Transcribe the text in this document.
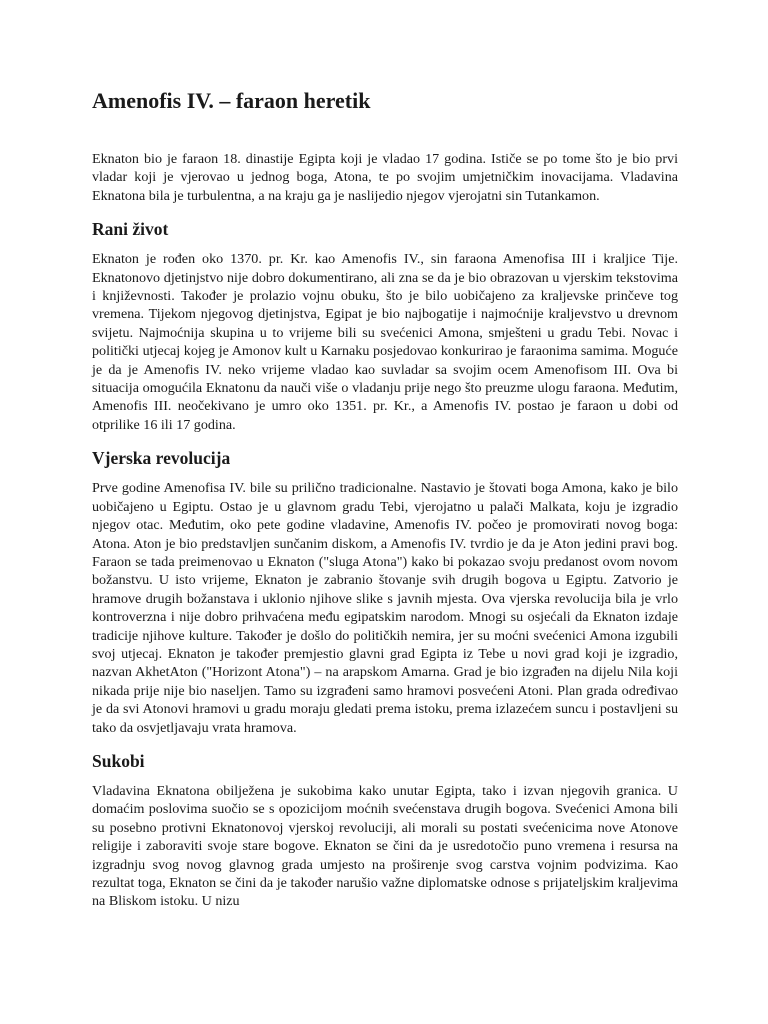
Amenofis IV. – faraon heretik

Eknaton bio je faraon 18. dinastije Egipta koji je vladao 17 godina. Ističe se po tome što je bio prvi vladar koji je vjerovao u jednog boga, Atona, te po svojim umjetničkim inovacijama. Vladavina Eknatona bila je turbulentna, a na kraju ga je naslijedio njegov vjerojatni sin Tutankamon.

Rani život

Eknaton je rođen oko 1370. pr. Kr. kao Amenofis IV., sin faraona Amenofisa III i kraljice Tije. Eknatonovo djetinjstvo nije dobro dokumentirano, ali zna se da je bio obrazovan u vjerskim tekstovima i književnosti. Također je prolazio vojnu obuku, što je bilo uobičajeno za kraljevske prinčeve tog vremena. Tijekom njegovog djetinjstva, Egipat je bio najbogatije i najmoćnije kraljevstvo u drevnom svijetu. Najmoćnija skupina u to vrijeme bili su svećenici Amona, smješteni u gradu Tebi. Novac i politički utjecaj kojeg je Amonov kult u Karnaku posjedovao konkurirao je faraonima samima. Moguće je da je Amenofis IV. neko vrijeme vladao kao suvladar sa svojim ocem Amenofisom III. Ova bi situacija omogućila Eknatonu da nauči više o vladanju prije nego što preuzme ulogu faraona. Međutim, Amenofis III. neočekivano je umro oko 1351. pr. Kr., a Amenofis IV. postao je faraon u dobi od otprilike 16 ili 17 godina.

Vjerska revolucija

Prve godine Amenofisa IV. bile su prilično tradicionalne. Nastavio je štovati boga Amona, kako je bilo uobičajeno u Egiptu. Ostao je u glavnom gradu Tebi, vjerojatno u palači Malkata, koju je izgradio njegov otac. Međutim, oko pete godine vladavine, Amenofis IV. počeo je promovirati novog boga: Atona. Aton je bio predstavljen sunčanim diskom, a Amenofis IV. tvrdio je da je Aton jedini pravi bog. Faraon se tada preimenovao u Eknaton ("sluga Atona") kako bi pokazao svoju predanost ovom novom božanstvu. U isto vrijeme, Eknaton je zabranio štovanje svih drugih bogova u Egiptu. Zatvorio je hramove drugih božanstava i uklonio njihove slike s javnih mjesta. Ova vjerska revolucija bila je vrlo kontroverzna i nije dobro prihvaćena među egipatskim narodom. Mnogi su osjećali da Eknaton izdaje tradicije njihove kulture. Također je došlo do političkih nemira, jer su moćni svećenici Amona izgubili svoj utjecaj. Eknaton je također premjestio glavni grad Egipta iz Tebe u novi grad koji je izgradio, nazvan AkhetAton ("Horizont Atona") – na arapskom Amarna. Grad je bio izgrađen na dijelu Nila koji nikada prije nije bio naseljen. Tamo su izgrađeni samo hramovi posvećeni Atoni. Plan grada određivao je da svi Atonovi hramovi u gradu moraju gledati prema istoku, prema izlazećem suncu i postavljeni su tako da osvjetljavaju vrata hramova.

Sukobi

Vladavina Eknatona obilježena je sukobima kako unutar Egipta, tako i izvan njegovih granica. U domaćim poslovima suočio se s opozicijom moćnih svećenstava drugih bogova. Svećenici Amona bili su posebno protivni Eknatonovoj vjerskoj revoluciji, ali morali su postati svećenicima nove Atonove religije i zaboraviti svoje stare bogove. Eknaton se čini da je usredotočio puno vremena i resursa na izgradnju svog novog glavnog grada umjesto na proširenje svog carstva vojnim podvizima. Kao rezultat toga, Eknaton se čini da je također narušio važne diplomatske odnose s prijateljskim kraljevima na Bliskom istoku. U nizu
